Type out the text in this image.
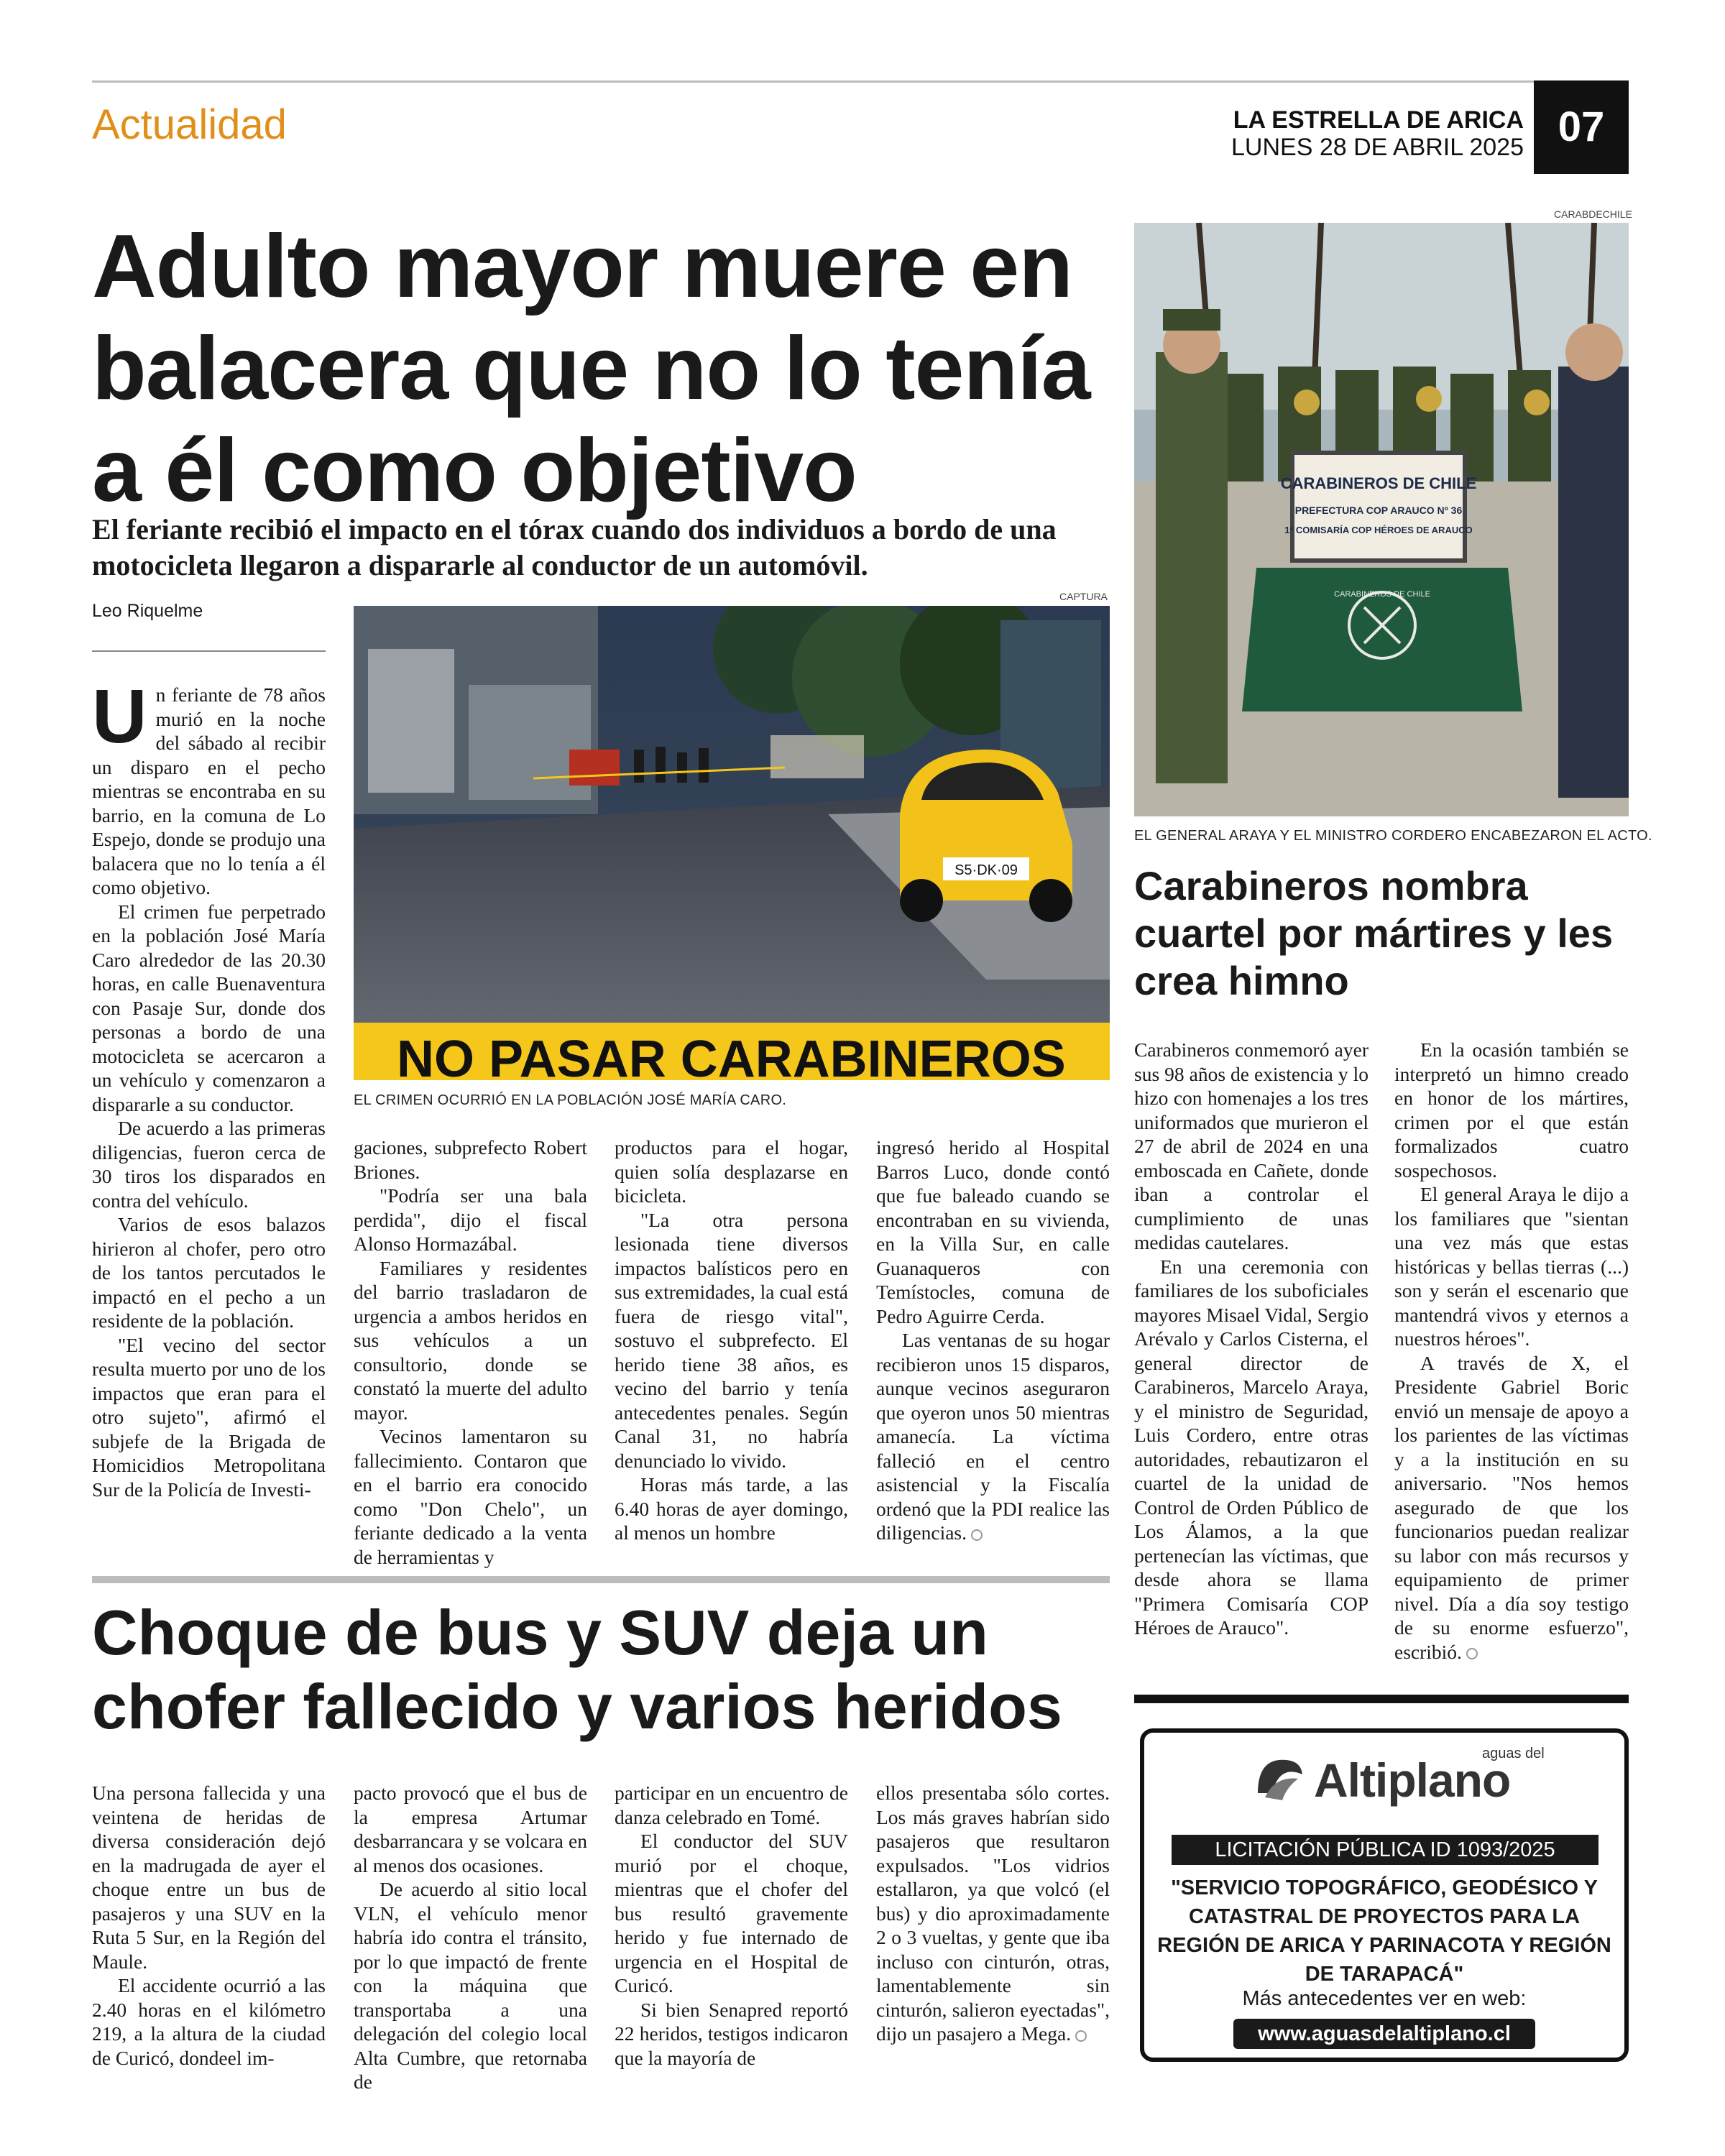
Actualidad	LA ESTRELLA DE ARICA
LUNES 28 DE ABRIL 2025 07
Adulto mayor muere en balacera que no lo tenía a él como objetivo
El feriante recibió el impacto en el tórax cuando dos individuos a bordo de una motocicleta llegaron a dispararle al conductor de un automóvil.
Leo Riquelme
CAPTURA
S5·DK·09
NO PASAR CARABINEROS
EL CRIMEN OCURRIÓ EN LA POBLACIÓN JOSÉ MARÍA CARO.

Un feriante de 78 años murió en la noche del sábado al recibir un disparo en el pecho mientras se encontraba en su barrio, en la comuna de Lo Espejo, donde se produjo una balacera que no lo tenía a él como objetivo.

El crimen fue perpetrado en la población José María Caro alrededor de las 20.30 horas, en calle Buenaventura con Pasaje Sur, donde dos personas a bordo de una motocicleta se acercaron a un vehículo y comenzaron a dispararle a su conductor.

De acuerdo a las primeras diligencias, fueron cerca de 30 tiros los disparados en contra del vehículo.

Varios de esos balazos hirieron al chofer, pero otro de los tantos percutados le impactó en el pecho a un residente de la población.

"El vecino del sector resulta muerto por uno de los impactos que eran para el otro sujeto", afirmó el subjefe de la Brigada de Homicidios Metropolitana Sur de la Policía de Investi-

gaciones, subprefecto Robert Briones.

"Podría ser una bala perdida", dijo el fiscal Alonso Hormazábal.

Familiares y residentes del barrio trasladaron de urgencia a ambos heridos en sus vehículos a un consultorio, donde se constató la muerte del adulto mayor.

Vecinos lamentaron su fallecimiento. Contaron que en el barrio era conocido como "Don Chelo", un feriante dedicado a la venta de herramientas y

productos para el hogar, quien solía desplazarse en bicicleta.

"La otra persona lesionada tiene diversos impactos balísticos pero en sus extremidades, la cual está fuera de riesgo vital", sostuvo el subprefecto. El herido tiene 38 años, es vecino del barrio y tenía antecedentes penales. Según Canal 31, no habría denunciado lo vivido.

Horas más tarde, a las 6.40 horas de ayer domingo, al menos un hombre

ingresó herido al Hospital Barros Luco, donde contó que fue baleado cuando se encontraban en su vivienda, en la Villa Sur, en calle Guanaqueros con Temístocles, comuna de Pedro Aguirre Cerda.

Las ventanas de su hogar recibieron unos 15 disparos, aunque vecinos aseguraron que oyeron unos 50 mientras amanecía. La víctima falleció en el centro asistencial y la Fiscalía ordenó que la PDI realice las diligencias.

CARABDECHILE
CARABINEROS DE CHILE
PREFECTURA COP ARAUCO Nº 36
1ª COMISARÍA COP HÉROES DE ARAUCO
CARABINEROS DE CHILE
EL GENERAL ARAYA Y EL MINISTRO CORDERO ENCABEZARON EL ACTO.
Carabineros nombra cuartel por mártires y les crea himno

Carabineros conmemoró ayer sus 98 años de existencia y lo hizo con homenajes a los tres uniformados que murieron el 27 de abril de 2024 en una emboscada en Cañete, donde iban a controlar el cumplimiento de unas medidas cautelares.

En una ceremonia con familiares de los suboficiales mayores Misael Vidal, Sergio Arévalo y Carlos Cisterna, el general director de Carabineros, Marcelo Araya, y el ministro de Seguridad, Luis Cordero, entre otras autoridades, rebautizaron el cuartel de la unidad de Control de Orden Público de Los Álamos, a la que pertenecían las víctimas, que desde ahora se llama "Primera Comisaría COP Héroes de Arauco".

En la ocasión también se interpretó un himno creado en honor de los mártires, crimen por el que están formalizados cuatro sospechosos.

El general Araya le dijo a los familiares que "sientan una vez más que estas históricas y bellas tierras (...) son y serán el escenario que mantendrá vivos y eternos a nuestros héroes".

A través de X, el Presidente Gabriel Boric envió un mensaje de apoyo a los parientes de las víctimas y a la institución en su aniversario. "Nos hemos asegurado de que los funcionarios puedan realizar su labor con más recursos y equipamiento de primer nivel. Día a día soy testigo de su enorme esfuerzo", escribió.

Choque de bus y SUV deja un chofer fallecido y varios heridos

Una persona fallecida y una veintena de heridas de diversa consideración dejó en la madrugada de ayer el choque entre un bus de pasajeros y una SUV en la Ruta 5 Sur, en la Región del Maule.

El accidente ocurrió a las 2.40 horas en el kilómetro 219, a la altura de la ciudad de Curicó, dondeel im-

pacto provocó que el bus de la empresa Artumar desbarrancara y se volcara en al menos dos ocasiones.

De acuerdo al sitio local VLN, el vehículo menor habría ido contra el tránsito, por lo que impactó de frente con la máquina que transportaba a una delegación del colegio local Alta Cumbre, que retornaba de

participar en un encuentro de danza celebrado en Tomé.

El conductor del SUV murió por el choque, mientras que el chofer del bus resultó gravemente herido y fue internado de urgencia en el Hospital de Curicó.

Si bien Senapred reportó 22 heridos, testigos indicaron que la mayoría de

ellos presentaba sólo cortes. Los más graves habrían sido pasajeros que resultaron expulsados. "Los vidrios estallaron, ya que volcó (el bus) y dio aproximadamente 2 o 3 vueltas, y gente que iba incluso con cinturón, otras, lamentablemente sin cinturón, salieron eyectadas", dijo un pasajero a Mega.

aguas del
Altiplano
LICITACIÓN PÚBLICA ID 1093/2025
"SERVICIO TOPOGRÁFICO, GEODÉSICO Y CATASTRAL DE PROYECTOS PARA LA REGIÓN DE ARICA Y PARINACOTA Y REGIÓN DE TARAPACÁ"
Más antecedentes ver en web:
www.aguasdelaltiplano.cl
